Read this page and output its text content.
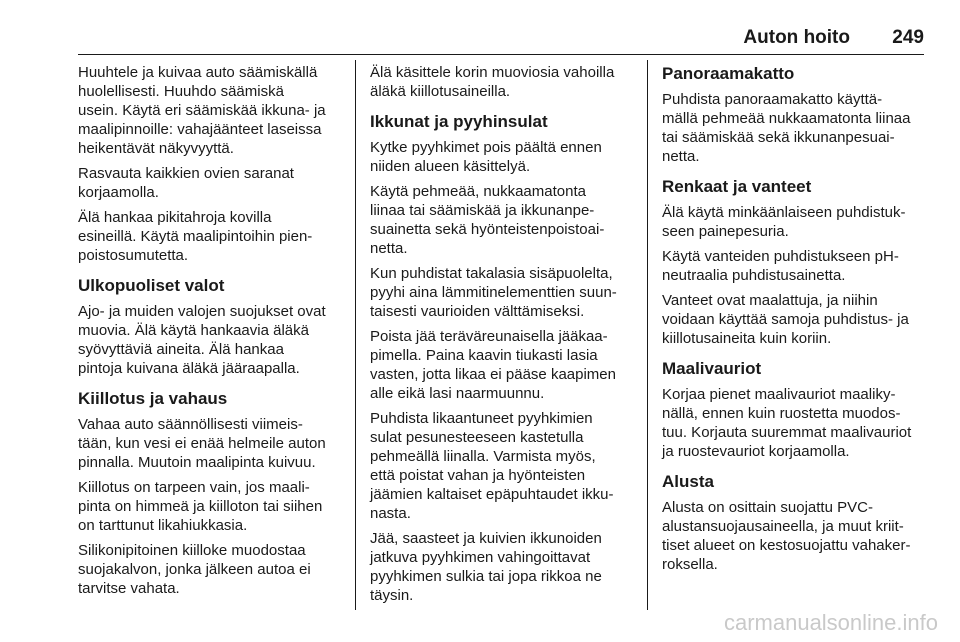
Auton hoito 249

Huuhtele ja kuivaa auto säämiskällä
huolellisesti. Huuhdo säämiskä
usein. Käytä eri säämiskää ikkuna- ja
maalipinnoille: vahajäänteet laseissa
heikentävät näkyvyyttä.

Rasvauta kaikkien ovien saranat
korjaamolla.

Älä hankaa pikitahroja kovilla
esineillä. Käytä maalipintoihin pien-
poistosumutetta.

Ulkopuoliset valot

Ajo- ja muiden valojen suojukset ovat
muovia. Älä käytä hankaavia äläkä
syövyttäviä aineita. Älä hankaa
pintoja kuivana äläkä jääraapalla.

Kiillotus ja vahaus

Vahaa auto säännöllisesti viimeis-
tään, kun vesi ei enää helmeile auton
pinnalla. Muutoin maalipinta kuivuu.

Kiillotus on tarpeen vain, jos maali-
pinta on himmeä ja kiilloton tai siihen
on tarttunut likahiukkasia.

Silikonipitoinen kiilloke muodostaa
suojakalvon, jonka jälkeen autoa ei
tarvitse vahata.

Älä käsittele korin muoviosia vahoilla
äläkä kiillotusaineilla.

Ikkunat ja pyyhinsulat

Kytke pyyhkimet pois päältä ennen
niiden alueen käsittelyä.

Käytä pehmeää, nukkaamatonta
liinaa tai säämiskää ja ikkunanpe-
suainetta sekä hyönteistenpoistoai-
netta.

Kun puhdistat takalasia sisäpuolelta,
pyyhi aina lämmitinelementtien suun-
taisesti vaurioiden välttämiseksi.

Poista jää teräväreunaisella jääkaa-
pimella. Paina kaavin tiukasti lasia
vasten, jotta likaa ei pääse kaapimen
alle eikä lasi naarmuunnu.

Puhdista likaantuneet pyyhkimien
sulat pesunesteeseen kastetulla
pehmeällä liinalla. Varmista myös,
että poistat vahan ja hyönteisten
jäämien kaltaiset epäpuhtaudet ikku-
nasta.

Jää, saasteet ja kuivien ikkunoiden
jatkuva pyyhkimen vahingoittavat
pyyhkimen sulkia tai jopa rikkoa ne
täysin.

Panoraamakatto

Puhdista panoraamakatto käyttä-
mällä pehmeää nukkaamatonta liinaa
tai säämiskää sekä ikkunanpesuai-
netta.

Renkaat ja vanteet

Älä käytä minkäänlaiseen puhdistuk-
seen painepesuria.

Käytä vanteiden puhdistukseen pH-
neutraalia puhdistusainetta.

Vanteet ovat maalattuja, ja niihin
voidaan käyttää samoja puhdistus- ja
kiillotusaineita kuin koriin.

Maalivauriot

Korjaa pienet maalivauriot maaliky-
nällä, ennen kuin ruostetta muodos-
tuu. Korjauta suuremmat maalivauriot
ja ruostevauriot korjaamolla.

Alusta

Alusta on osittain suojattu PVC-
alustansuojausaineella, ja muut kriit-
tiset alueet on kestosuojattu vahaker-
roksella.

carmanualsonline.info
